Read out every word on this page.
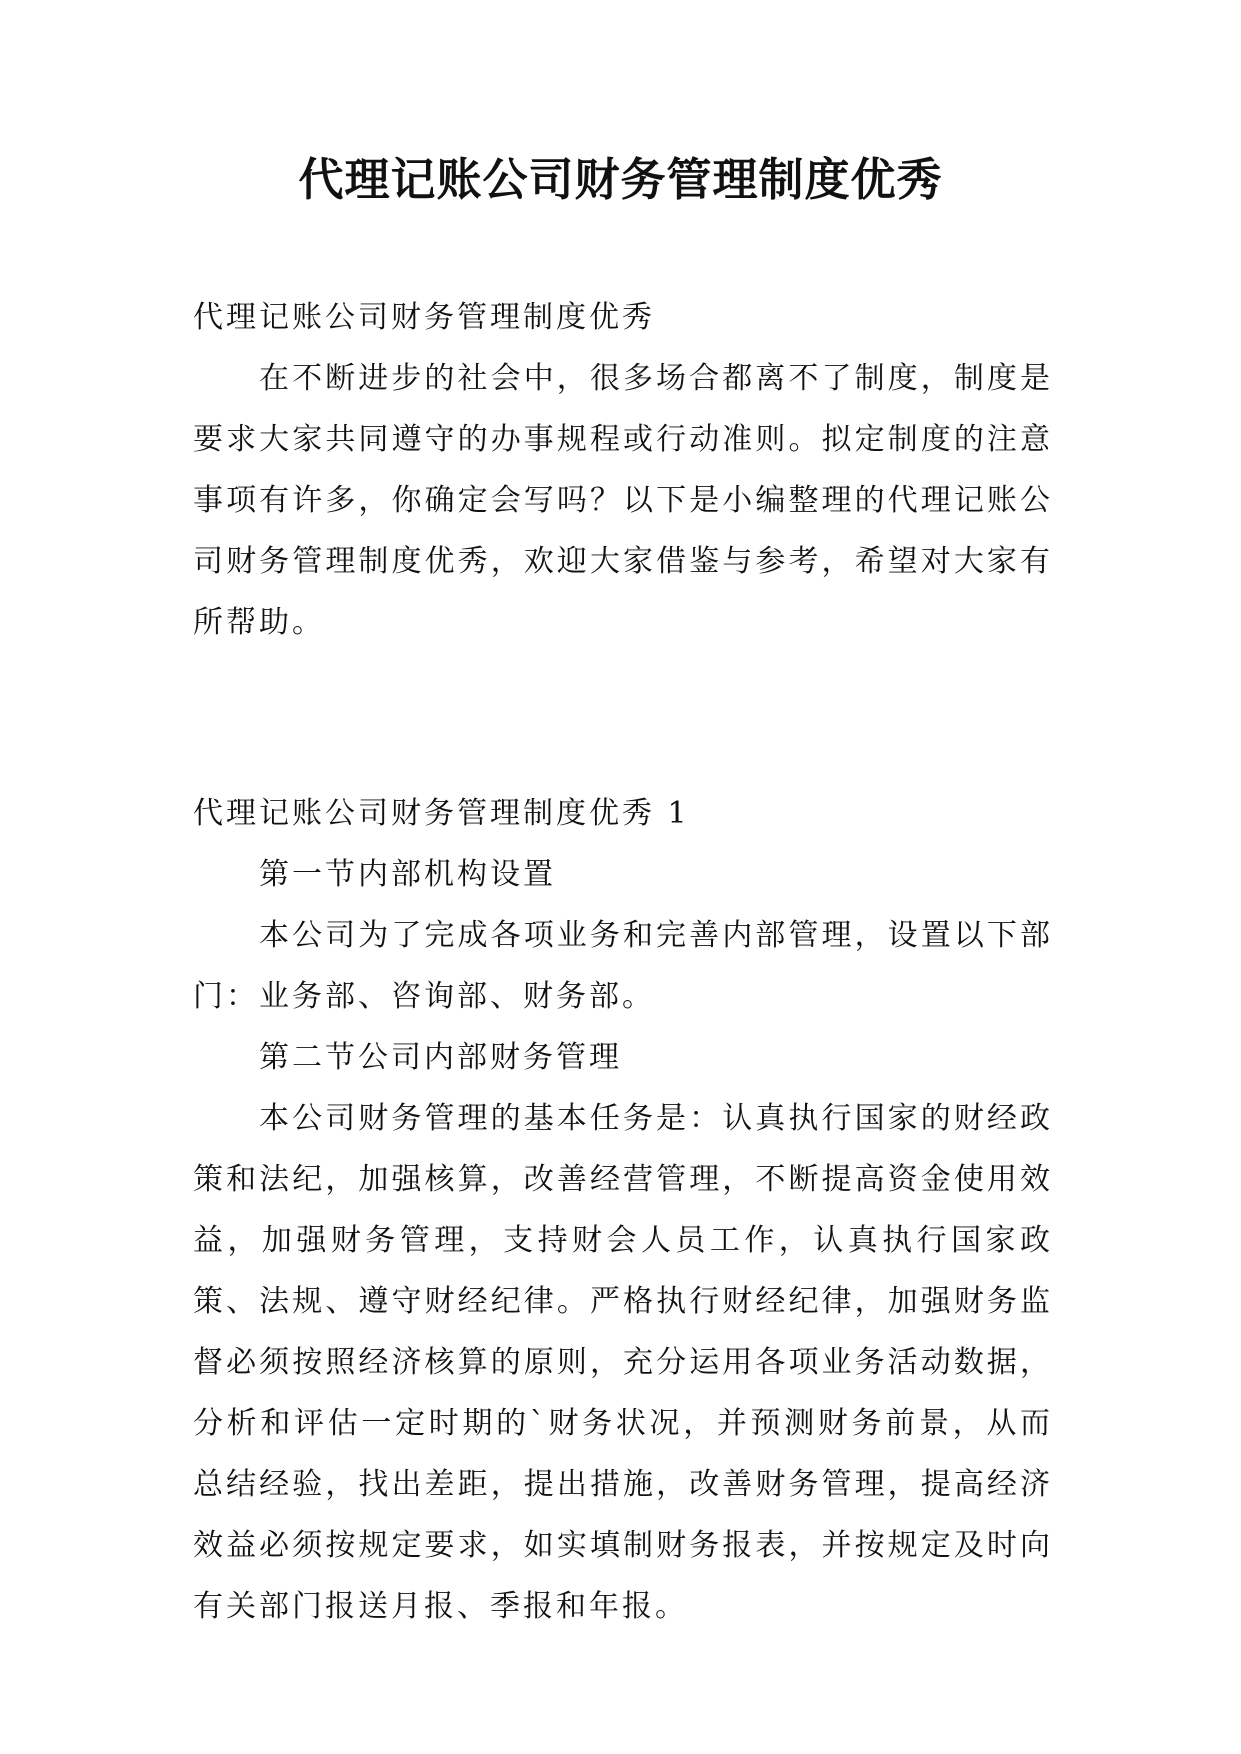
代理记账公司财务管理制度优秀

代理记账公司财务管理制度优秀

在不断进步的社会中，很多场合都离不了制度，制度是要求大家共同遵守的办事规程或行动准则。拟定制度的注意事项有许多，你确定会写吗？以下是小编整理的代理记账公司财务管理制度优秀，欢迎大家借鉴与参考，希望对大家有所帮助。

代理记账公司财务管理制度优秀 1

第一节内部机构设置

本公司为了完成各项业务和完善内部管理，设置以下部门：业务部、咨询部、财务部。

第二节公司内部财务管理

本公司财务管理的基本任务是：认真执行国家的财经政策和法纪，加强核算，改善经营管理，不断提高资金使用效益，加强财务管理，支持财会人员工作，认真执行国家政策、法规、遵守财经纪律。严格执行财经纪律，加强财务监督必须按照经济核算的原则，充分运用各项业务活动数据，分析和评估一定时期的`财务状况，并预测财务前景，从而总结经验，找出差距，提出措施，改善财务管理，提高经济效益必须按规定要求，如实填制财务报表，并按规定及时向有关部门报送月报、季报和年报。
